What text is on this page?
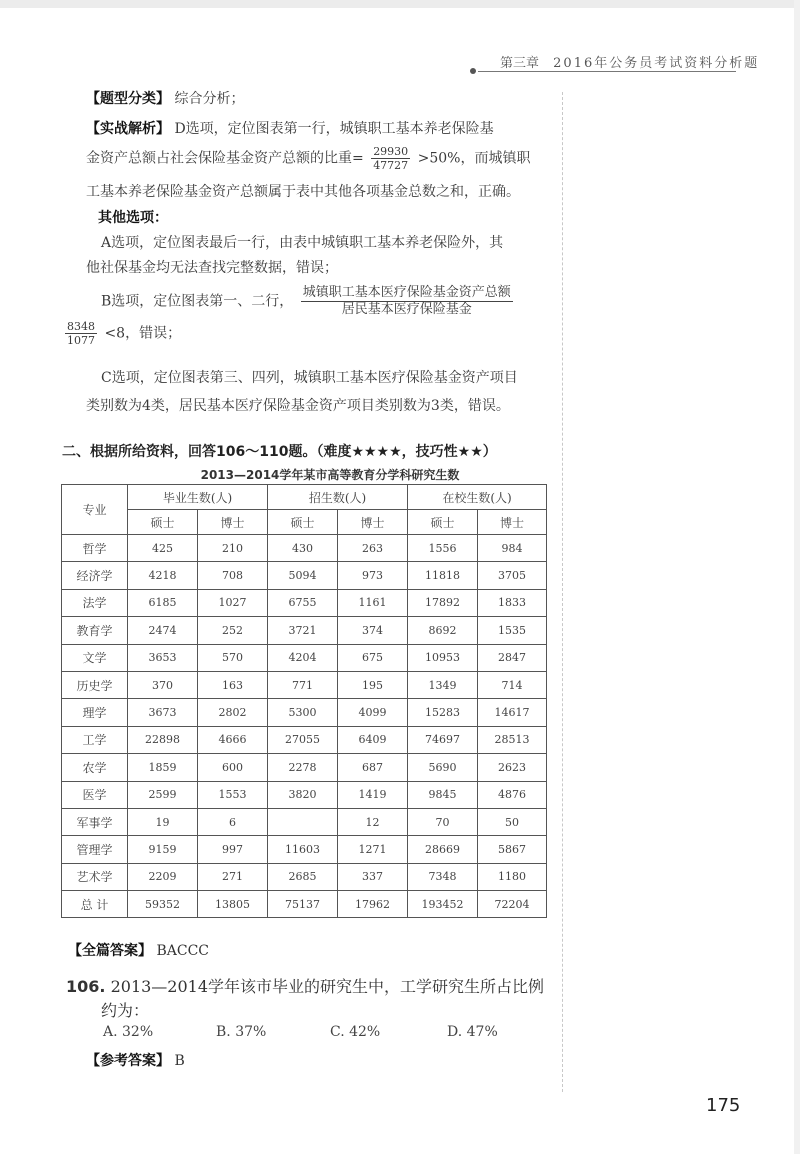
第三章 2016年公务员考试资料分析题
【题型分类】 综合分析；
【实战解析】 D选项，定位图表第一行，城镇职工基本养老保险基
金资产总额占社会保险基金资产总额的比重= $\frac{29930}{47727} >50\%$，而城镇职
工基本养老保险基金资产总额属于表中其他各项基金总数之和，正确。
其他选项：
A选项，定位图表最后一行，由表中城镇职工基本养老保险外，其
他社保基金均无法查找完整数据，错误；
B选项，定位图表第一、二行， $\frac{\text{城镇职工基本医疗保险基金资产总额}}{\text{居民基本医疗保险基金}}$
$\frac{8348}{1077} <8$，错误；
C选项，定位图表第三、四列，城镇职工基本医疗保险基金资产项目
类别数为4类，居民基本医疗保险基金资产项目类别数为3类，错误。
二、根据所给资料，回答106～110题。（难度★★★★，技巧性★★）
2013—2014学年某市高等教育分学科研究生数
专业	毕业生数(人)		招生数(人)		在校生数(人)	
	硕士	博士	硕士	博士	硕士	博士
哲学	425	210	430	263	1556	984
经济学	4218	708	5094	973	11818	3705
法学	6185	1027	6755	1161	17892	1833
教育学	2474	252	3721	374	8692	1535
文学	3653	570	4204	675	10953	2847
历史学	370	163	771	195	1349	714
理学	3673	2802	5300	4099	15283	14617
工学	22898	4666	27055	6409	74697	28513
农学	1859	600	2278	687	5690	2623
医学	2599	1553	3820	1419	9845	4876
军事学	19	6		12	70	50
管理学	9159	997	11603	1271	28669	5867
艺术学	2209	271	2685	337	7348	1180
总 计	59352	13805	75137	17962	193452	72204
【全篇答案】 BACCC
106. 2013—2014学年该市毕业的研究生中，工学研究生所占比例
约为：
A. 32%	B. 37%	C. 42%	D. 47%
【参考答案】 B
175
